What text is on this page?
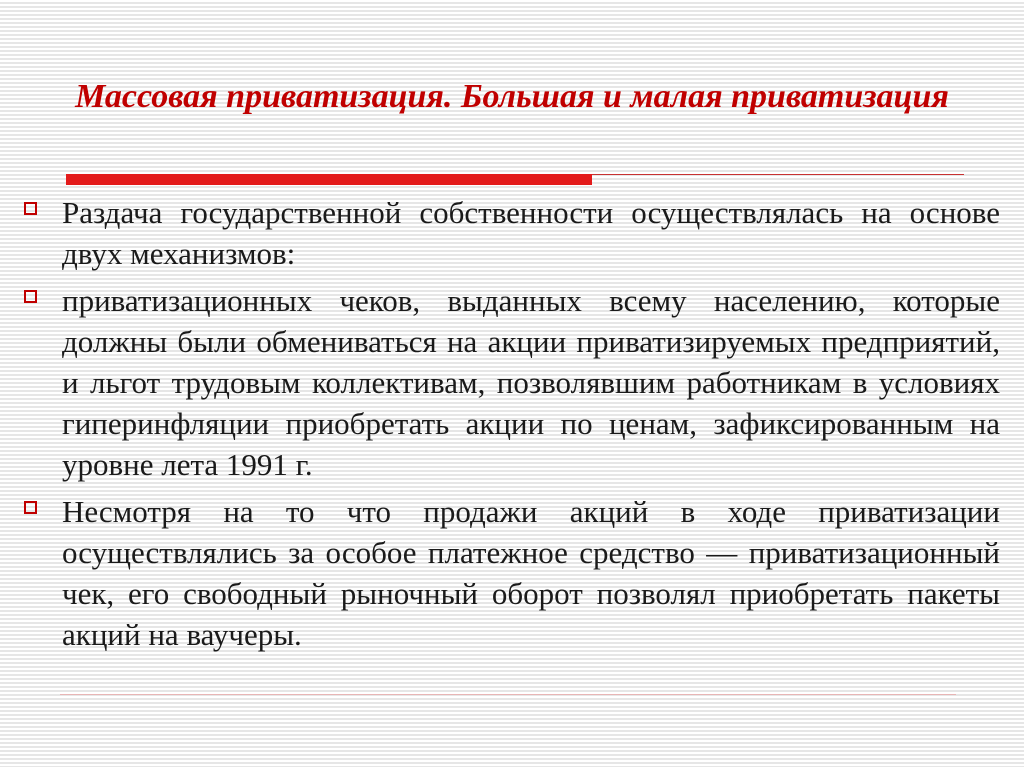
Массовая приватизация. Большая и малая приватизация
Раздача государственной собственности осуществлялась на основе двух механизмов:
приватизационных чеков, выданных всему населению, которые должны были обмениваться на акции приватизируемых предприятий, и льгот трудовым коллективам, позволявшим работникам в условиях гиперинфляции приобретать акции по ценам, зафиксированным на уровне лета 1991 г.
Несмотря на то что продажи акций в ходе приватизации осуществлялись за особое платежное средство — приватизационный чек, его свободный рыночный оборот позволял приобретать пакеты акций на ваучеры.
